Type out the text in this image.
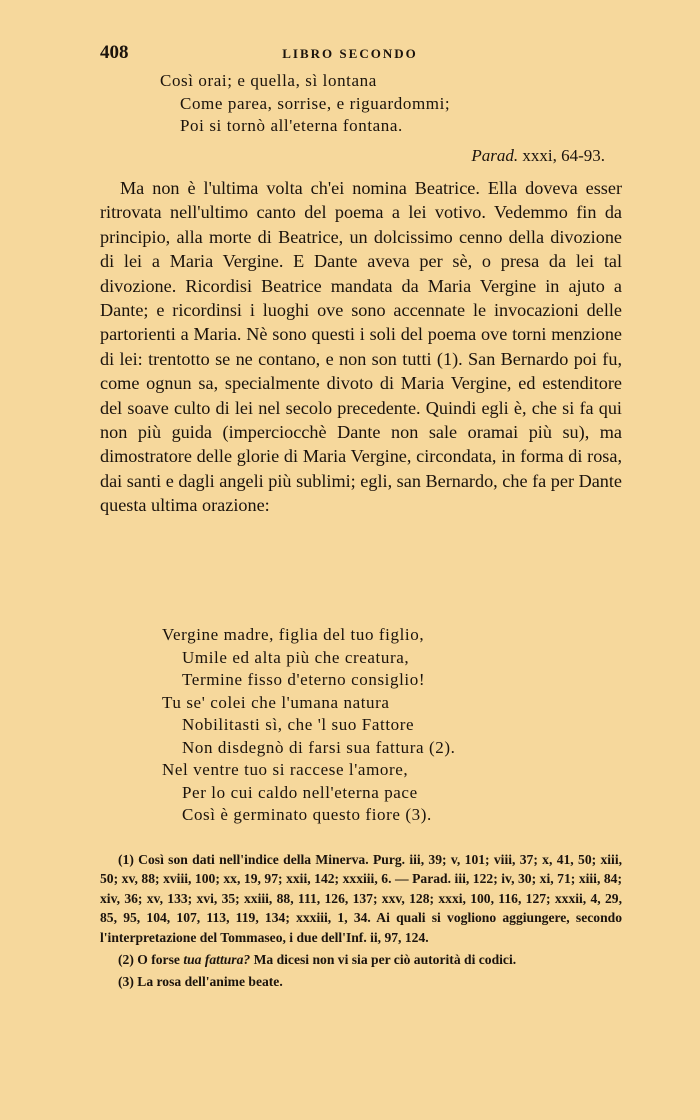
408	LIBRO SECONDO
Così orai; e quella, sì lontana
Come parea, sorrise, e riguardommi;
Poi si tornò all'eterna fontana.
Parad. xxxi, 64-93.

Ma non è l'ultima volta ch'ei nomina Beatrice. Ella doveva esser ritrovata nell'ultimo canto del poema a lei votivo. Vedemmo fin da principio, alla morte di Beatrice, un dolcissimo cenno della divozione di lei a Maria Vergine. E Dante aveva per sè, o presa da lei tal divozione. Ricordisi Beatrice mandata da Maria Vergine in ajuto a Dante; e ricordinsi i luoghi ove sono accennate le invocazioni delle partorienti a Maria. Nè sono questi i soli del poema ove torni menzione di lei: trentotto se ne contano, e non son tutti (1). San Bernardo poi fu, come ognun sa, specialmente divoto di Maria Vergine, ed estenditore del soave culto di lei nel secolo precedente. Quindi egli è, che si fa qui non più guida (imperciocchè Dante non sale oramai più su), ma dimostratore delle glorie di Maria Vergine, circondata, in forma di rosa, dai santi e dagli angeli più sublimi; egli, san Bernardo, che fa per Dante questa ultima orazione:

Vergine madre, figlia del tuo figlio,
Umile ed alta più che creatura,
Termine fisso d'eterno consiglio!
Tu se' colei che l'umana natura
Nobilitasti sì, che 'l suo Fattore
Non disdegnò di farsi sua fattura (2).
Nel ventre tuo si raccese l'amore,
Per lo cui caldo nell'eterna pace
Così è germinato questo fiore (3).

(1) Così son dati nell'indice della Minerva. Purg. iii, 39; v, 101; viii, 37; x, 41, 50; xiii, 50; xv, 88; xviii, 100; xx, 19, 97; xxii, 142; xxxiii, 6. — Parad. iii, 122; iv, 30; xi, 71; xiii, 84; xiv, 36; xv, 133; xvi, 35; xxiii, 88, 111, 126, 137; xxv, 128; xxxi, 100, 116, 127; xxxii, 4, 29, 85, 95, 104, 107, 113, 119, 134; xxxiii, 1, 34. Ai quali si vogliono aggiungere, secondo l'interpretazione del Tommaseo, i due dell'Inf. ii, 97, 124.

(2) O forse tua fattura? Ma dicesi non vi sia per ciò autorità di codici.

(3) La rosa dell'anime beate.
